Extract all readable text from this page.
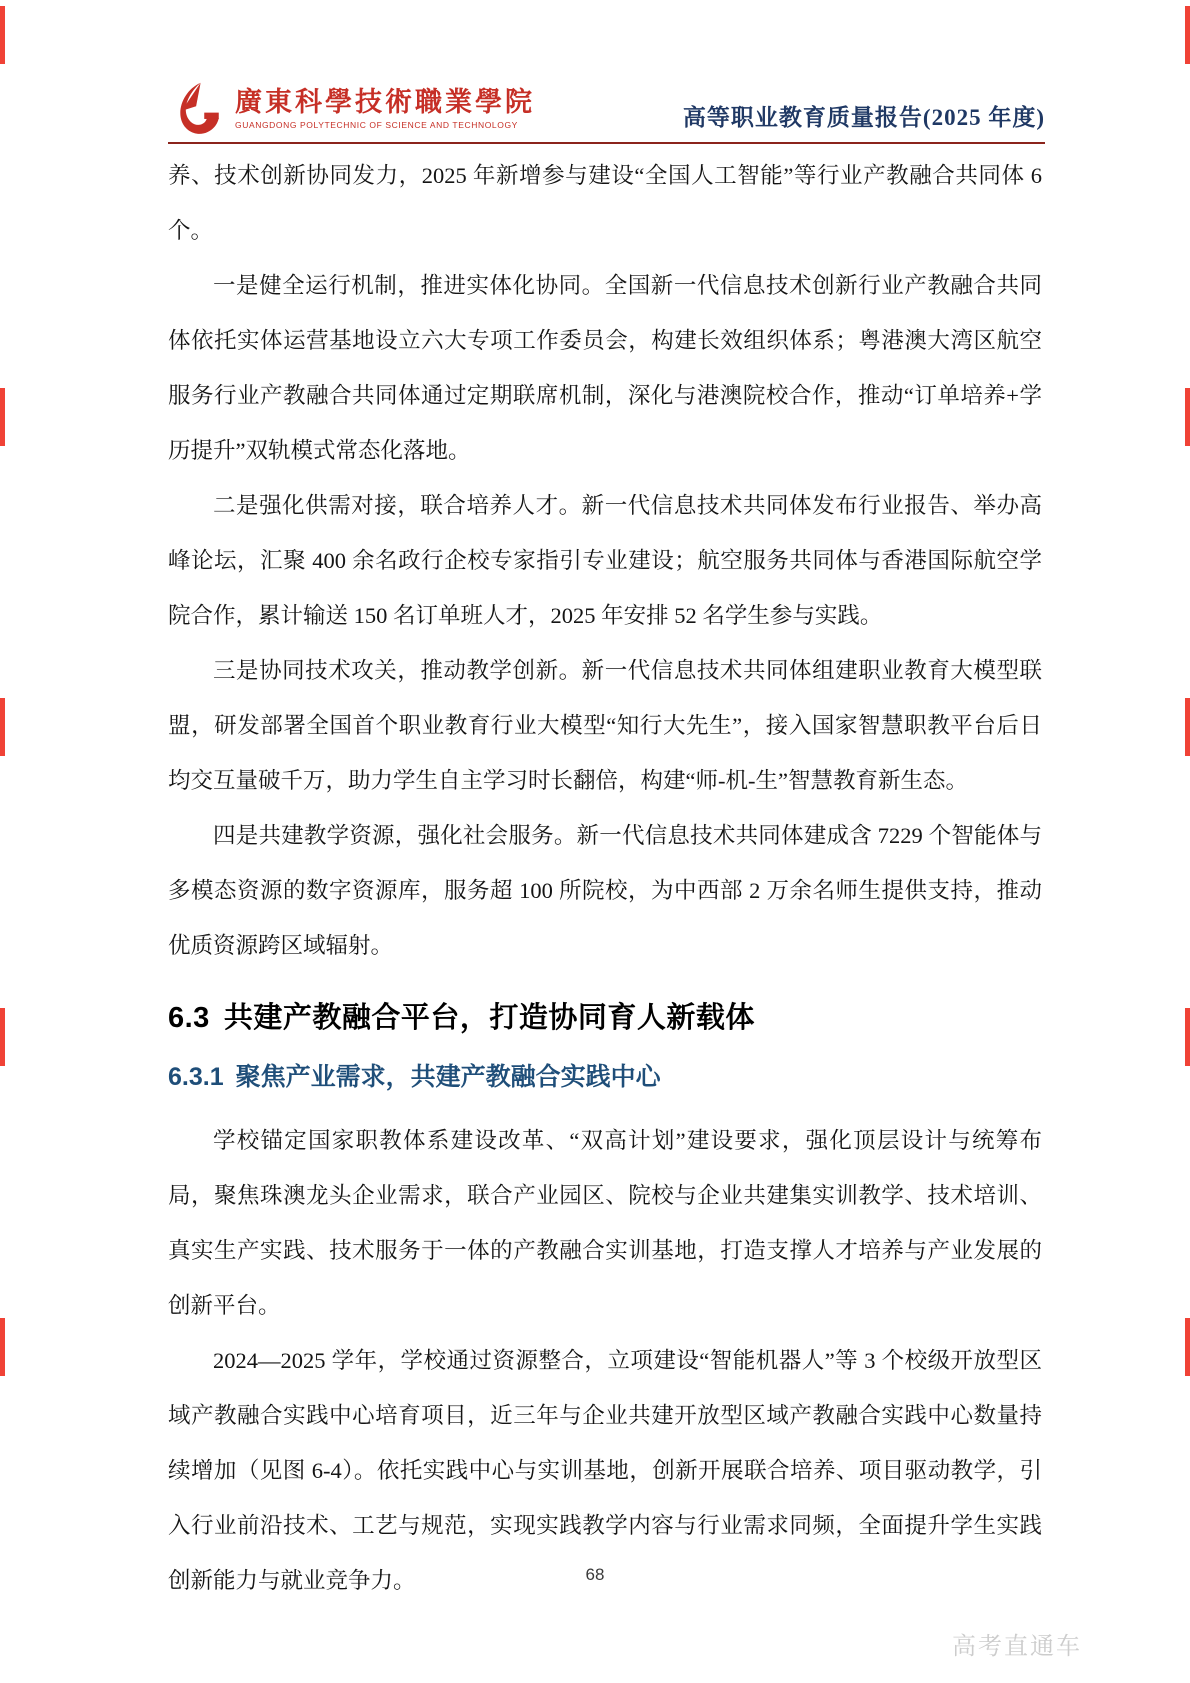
廣東科學技術職業學院
GUANGDONG POLYTECHNIC OF SCIENCE AND TECHNOLOGY	高等职业教育质量报告(2025 年度)

养、技术创新协同发力，2025 年新增参与建设“全国人工智能”等行业产教融合共同体 6 个。

一是健全运行机制，推进实体化协同。全国新一代信息技术创新行业产教融合共同体依托实体运营基地设立六大专项工作委员会，构建长效组织体系；粤港澳大湾区航空服务行业产教融合共同体通过定期联席机制，深化与港澳院校合作，推动“订单培养+学历提升”双轨模式常态化落地。

二是强化供需对接，联合培养人才。新一代信息技术共同体发布行业报告、举办高峰论坛，汇聚 400 余名政行企校专家指引专业建设；航空服务共同体与香港国际航空学院合作，累计输送 150 名订单班人才，2025 年安排 52 名学生参与实践。

三是协同技术攻关，推动教学创新。新一代信息技术共同体组建职业教育大模型联盟，研发部署全国首个职业教育行业大模型“知行大先生”，接入国家智慧职教平台后日均交互量破千万，助力学生自主学习时长翻倍，构建“师-机-生”智慧教育新生态。

四是共建教学资源，强化社会服务。新一代信息技术共同体建成含 7229 个智能体与多模态资源的数字资源库，服务超 100 所院校，为中西部 2 万余名师生提供支持，推动优质资源跨区域辐射。

6.3 共建产教融合平台，打造协同育人新载体
6.3.1 聚焦产业需求，共建产教融合实践中心

学校锚定国家职教体系建设改革、“双高计划”建设要求，强化顶层设计与统筹布局，聚焦珠澳龙头企业需求，联合产业园区、院校与企业共建集实训教学、技术培训、真实生产实践、技术服务于一体的产教融合实训基地，打造支撑人才培养与产业发展的创新平台。

2024—2025 学年，学校通过资源整合，立项建设“智能机器人”等 3 个校级开放型区域产教融合实践中心培育项目，近三年与企业共建开放型区域产教融合实践中心数量持续增加（见图 6-4）。依托实践中心与实训基地，创新开展联合培养、项目驱动教学，引入行业前沿技术、工艺与规范，实现实践教学内容与行业需求同频，全面提升学生实践创新能力与就业竞争力。	68
高考直通车
